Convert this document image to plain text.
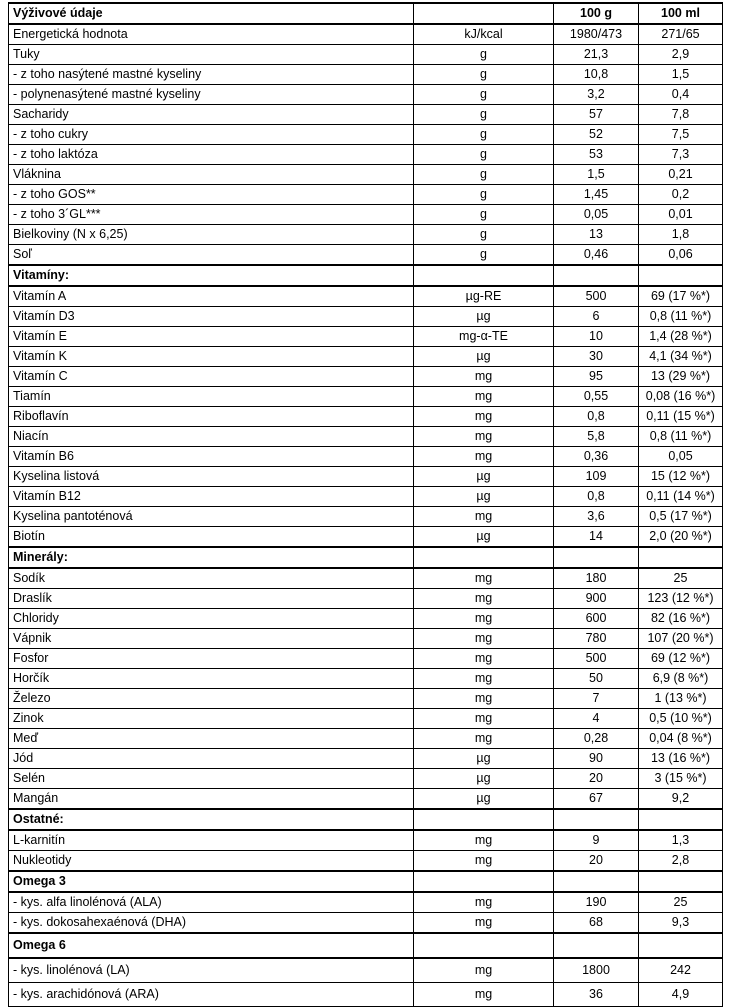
Výživové údaje		100 g	100 ml
Energetická hodnota	kJ/kcal	1980/473	271/65
Tuky	g	21,3	2,9
- z toho nasýtené mastné kyseliny	g	10,8	1,5
- polynenasýtené mastné kyseliny	g	3,2	0,4
Sacharidy	g	57	7,8
- z toho cukry	g	52	7,5
- z toho laktóza	g	53	7,3
Vláknina	g	1,5	0,21
- z toho GOS**	g	1,45	0,2
- z toho 3´GL***	g	0,05	0,01
Bielkoviny (N x 6,25)	g	13	1,8
Soľ	g	0,46	0,06
Vitamíny:			
Vitamín A	µg-RE	500	69 (17 %*)
Vitamín D3	µg	6	0,8 (11 %*)
Vitamín E	mg-α-TE	10	1,4 (28 %*)
Vitamín K	µg	30	4,1 (34 %*)
Vitamín C	mg	95	13 (29 %*)
Tiamín	mg	0,55	0,08 (16 %*)
Riboflavín	mg	0,8	0,11 (15 %*)
Niacín	mg	5,8	0,8 (11 %*)
Vitamín B6	mg	0,36	0,05
Kyselina listová	µg	109	15 (12 %*)
Vitamín B12	µg	0,8	0,11 (14 %*)
Kyselina pantoténová	mg	3,6	0,5 (17 %*)
Biotín	µg	14	2,0 (20 %*)
Minerály:			
Sodík	mg	180	25
Draslík	mg	900	123 (12 %*)
Chloridy	mg	600	82 (16 %*)
Vápnik	mg	780	107 (20 %*)
Fosfor	mg	500	69 (12 %*)
Horčík	mg	50	6,9 (8 %*)
Železo	mg	7	1 (13 %*)
Zinok	mg	4	0,5 (10 %*)
Meď	mg	0,28	0,04 (8 %*)
Jód	µg	90	13 (16 %*)
Selén	µg	20	3 (15 %*)
Mangán	µg	67	9,2
Ostatné:			
L-karnitín	mg	9	1,3
Nukleotidy	mg	20	2,8
Omega 3			
- kys. alfa linolénová (ALA)	mg	190	25
- kys. dokosahexaénová (DHA)	mg	68	9,3
Omega 6			
- kys. linolénová (LA)	mg	1800	242
- kys. arachidónová (ARA)	mg	36	4,9
